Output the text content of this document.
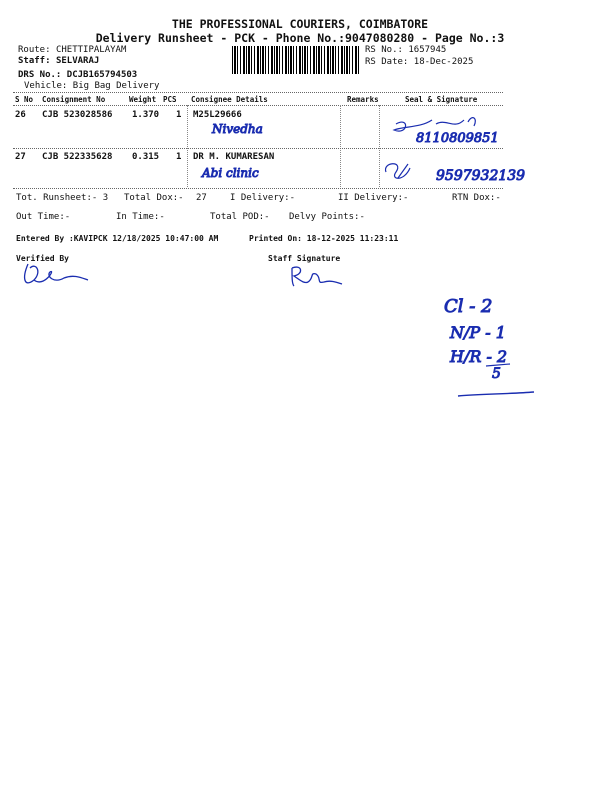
THE PROFESSIONAL COURIERS, COIMBATORE
Delivery Runsheet - PCK - Phone No.:9047080280 - Page No.:3
Route: CHETTIPALAYAM
Staff: SELVARAJ
DRS No.: DCJB165794503
Vehicle: Big Bag Delivery
RS No.: 1657945
RS Date: 18-Dec-2025
S No Consignment No	Weight PCS Consignee Details	Remarks	Seal & Signature
26 CJB 523028586 1.370 1 M25L29666
Nivedha
8110809851
27 CJB 522335628 0.315 1 DR M. KUMARESAN
Abi clinic	9597932139
Tot. Runsheet:- 3 Total Dox:- 27	I Delivery:-	II Delivery:-	RTN Dox:-
Out Time:-	In Time:-	Total POD:- Delvy Points:-
Entered By :KAVIPCK 12/18/2025 10:47:00 AM	Printed On: 18-12-2025 11:23:11
Verified By	Staff Signature
Cl - 2
N/P - 1
H/R - 2
5
